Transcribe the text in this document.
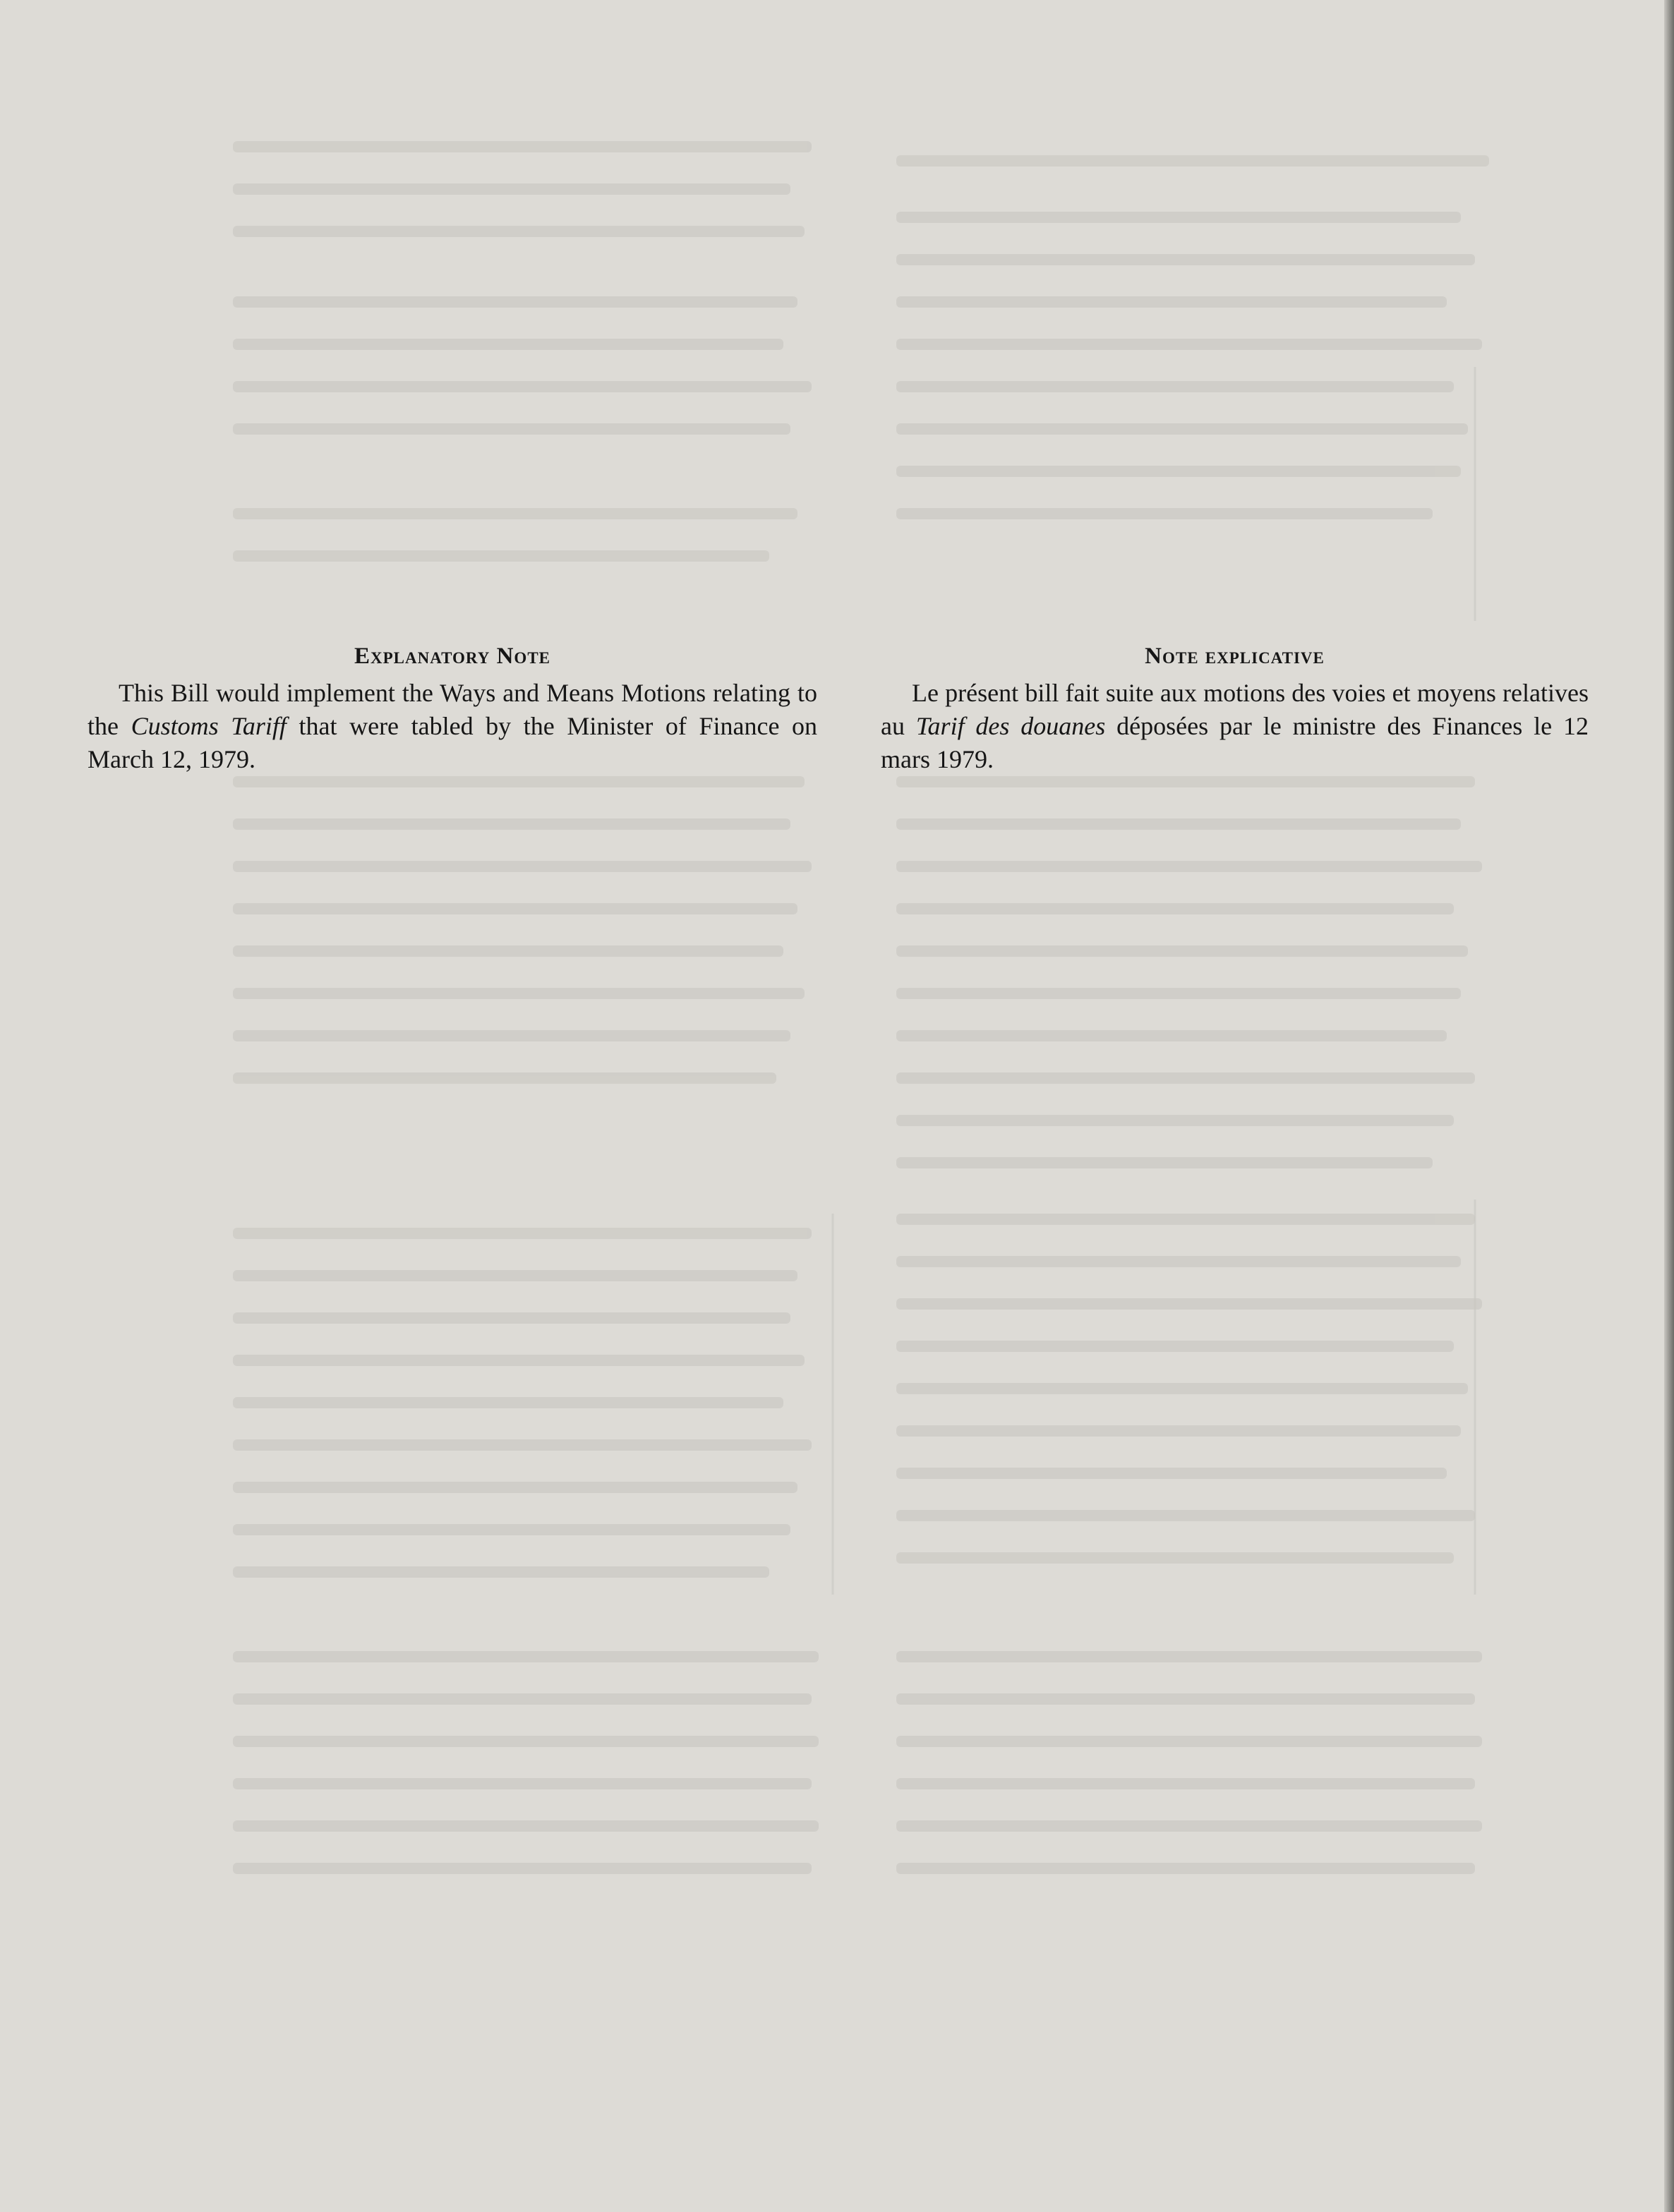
Explanatory Note

This Bill would implement the Ways and Means Motions relating to the Customs Tariff that were tabled by the Minister of Finance on March 12, 1979.

Note explicative

Le présent bill fait suite aux motions des voies et moyens relatives au Tarif des douanes déposées par le ministre des Finances le 12 mars 1979.
